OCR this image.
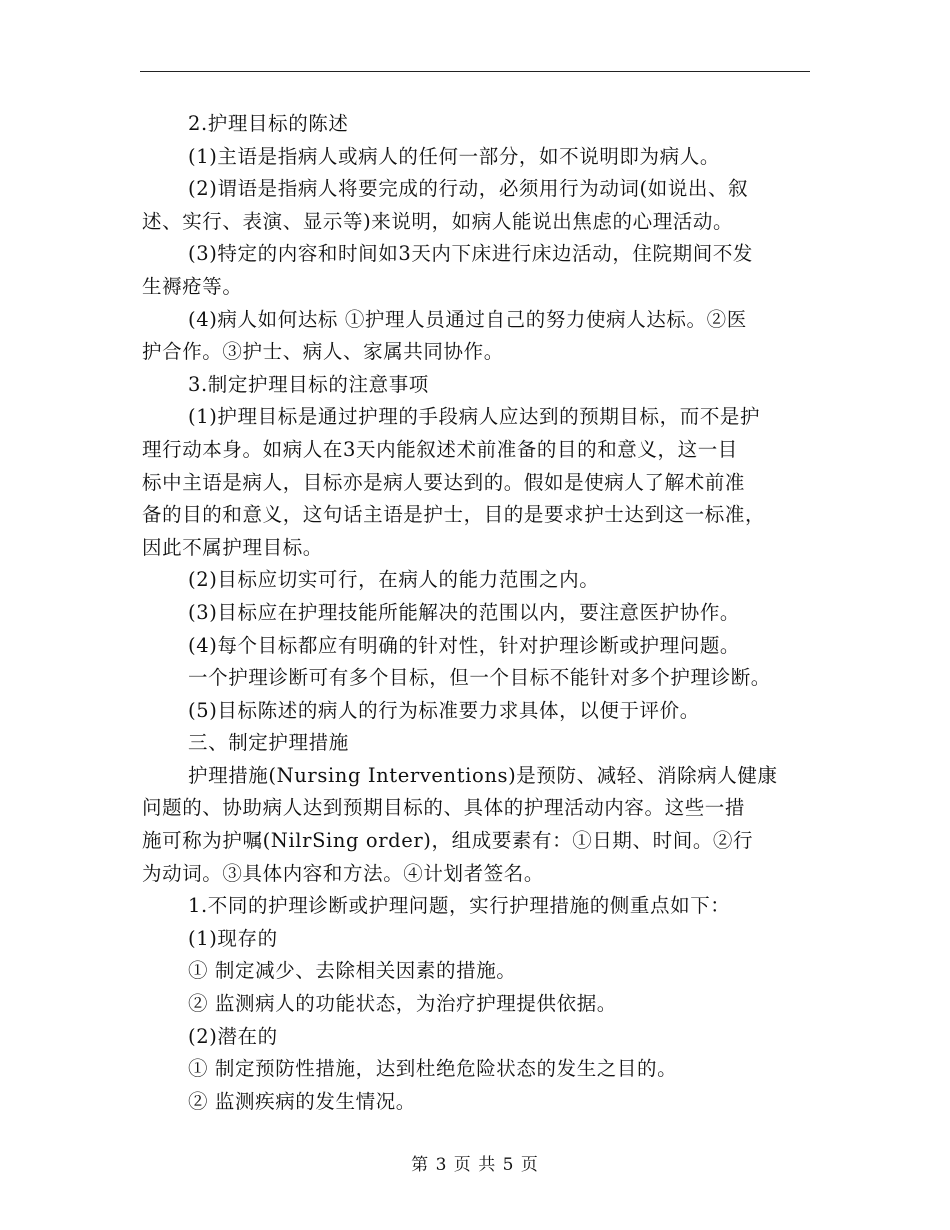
2.护理目标的陈述
(1)主语是指病人或病人的任何一部分，如不说明即为病人。
(2)谓语是指病人将要完成的行动，必须用行为动词(如说出、叙
述、实行、表演、显示等)来说明，如病人能说出焦虑的心理活动。
(3)特定的内容和时间如3天内下床进行床边活动，住院期间不发
生褥疮等。
(4)病人如何达标 ①护理人员通过自己的努力使病人达标。②医
护合作。③护士、病人、家属共同协作。
3.制定护理目标的注意事项
(1)护理目标是通过护理的手段病人应达到的预期目标，而不是护
理行动本身。如病人在3天内能叙述术前准备的目的和意义，这一目
标中主语是病人，目标亦是病人要达到的。假如是使病人了解术前准
备的目的和意义，这句话主语是护士，目的是要求护士达到这一标准，
因此不属护理目标。
(2)目标应切实可行，在病人的能力范围之内。
(3)目标应在护理技能所能解决的范围以内，要注意医护协作。
(4)每个目标都应有明确的针对性，针对护理诊断或护理问题。
一个护理诊断可有多个目标，但一个目标不能针对多个护理诊断。
(5)目标陈述的病人的行为标准要力求具体，以便于评价。
三、制定护理措施
护理措施(Nursing Interventions)是预防、减轻、消除病人健康
问题的、协助病人达到预期目标的、具体的护理活动内容。这些一措
施可称为护嘱(NilrSing order)，组成要素有：①日期、时间。②行
为动词。③具体内容和方法。④计划者签名。
1.不同的护理诊断或护理问题，实行护理措施的侧重点如下：
(1)现存的
① 制定减少、去除相关因素的措施。
② 监测病人的功能状态，为治疗护理提供依据。
(2)潜在的
① 制定预防性措施，达到杜绝危险状态的发生之目的。
② 监测疾病的发生情况。
第 3 页 共 5 页
